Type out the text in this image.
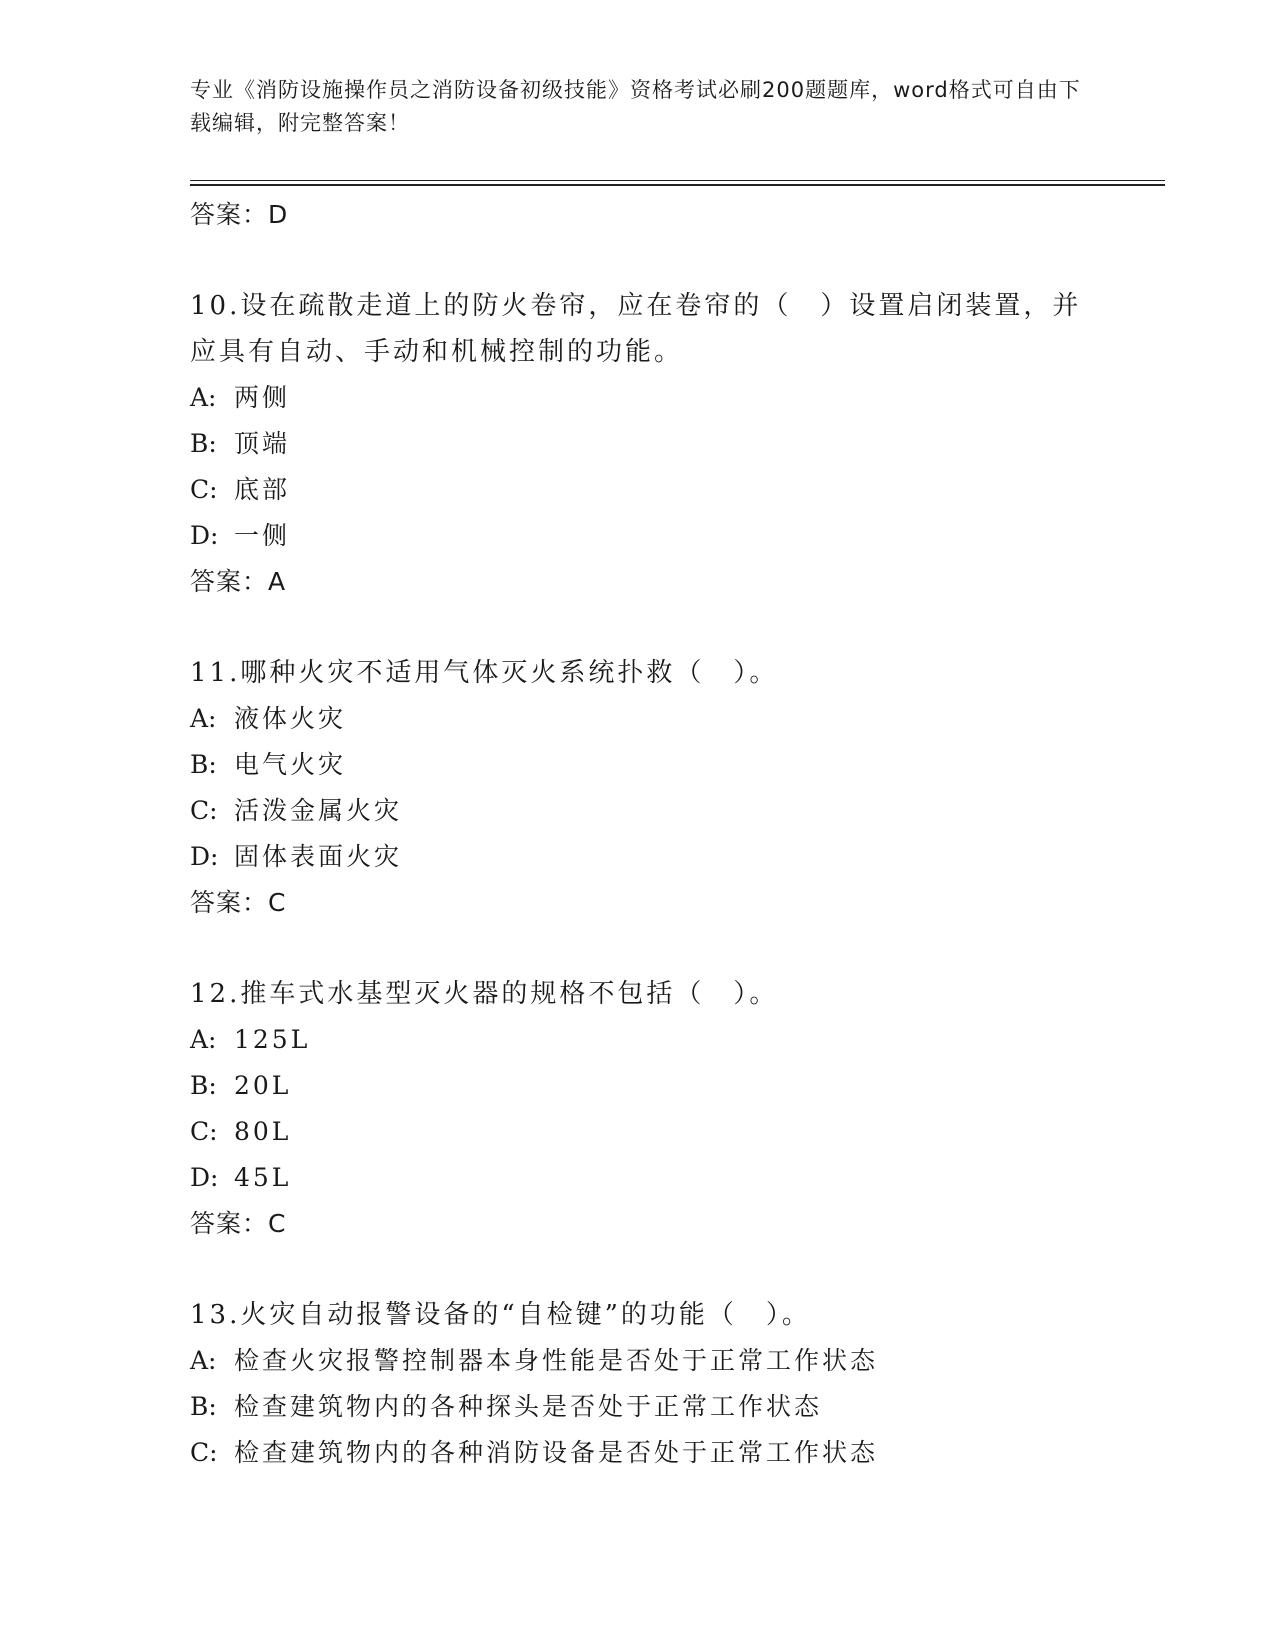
专业《消防设施操作员之消防设备初级技能》资格考试必刷200题题库，word格式可自由下载编辑，附完整答案！
答案：D
10.设在疏散走道上的防火卷帘，应在卷帘的（　）设置启闭装置，并应具有自动、手动和机械控制的功能。
A: 两侧
B: 顶端
C: 底部
D: 一侧
答案：A
11.哪种火灾不适用气体灭火系统扑救（　）。
A: 液体火灾
B: 电气火灾
C: 活泼金属火灾
D: 固体表面火灾
答案：C
12.推车式水基型灭火器的规格不包括（　）。
A: 125L
B: 20L
C: 80L
D: 45L
答案：C
13.火灾自动报警设备的“自检键”的功能（　）。
A: 检查火灾报警控制器本身性能是否处于正常工作状态
B: 检查建筑物内的各种探头是否处于正常工作状态
C: 检查建筑物内的各种消防设备是否处于正常工作状态
